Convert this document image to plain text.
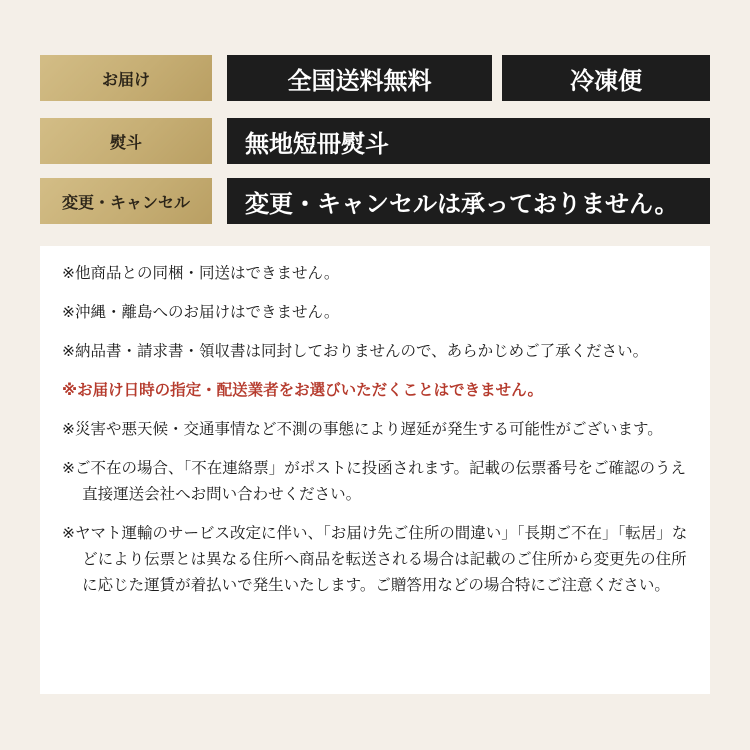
お届け	全国送料無料	冷凍便
熨斗	無地短冊熨斗
変更・キャンセル	変更・キャンセルは承っておりません。

※他商品との同梱・同送はできません。

※沖縄・離島へのお届けはできません。

※納品書・請求書・領収書は同封しておりませんので、あらかじめご了承ください。

※お届け日時の指定・配送業者をお選びいただくことはできません。

※災害や悪天候・交通事情など不測の事態により遅延が発生する可能性がございます。

※ご不在の場合、「不在連絡票」がポストに投函されます。記載の伝票番号をご確認のうえ直接運送会社へお問い合わせください。

※ヤマト運輸のサービス改定に伴い、「お届け先ご住所の間違い」「長期ご不在」「転居」などにより伝票とは異なる住所へ商品を転送される場合は記載のご住所から変更先の住所に応じた運賃が着払いで発生いたします。ご贈答用などの場合特にご注意ください。
